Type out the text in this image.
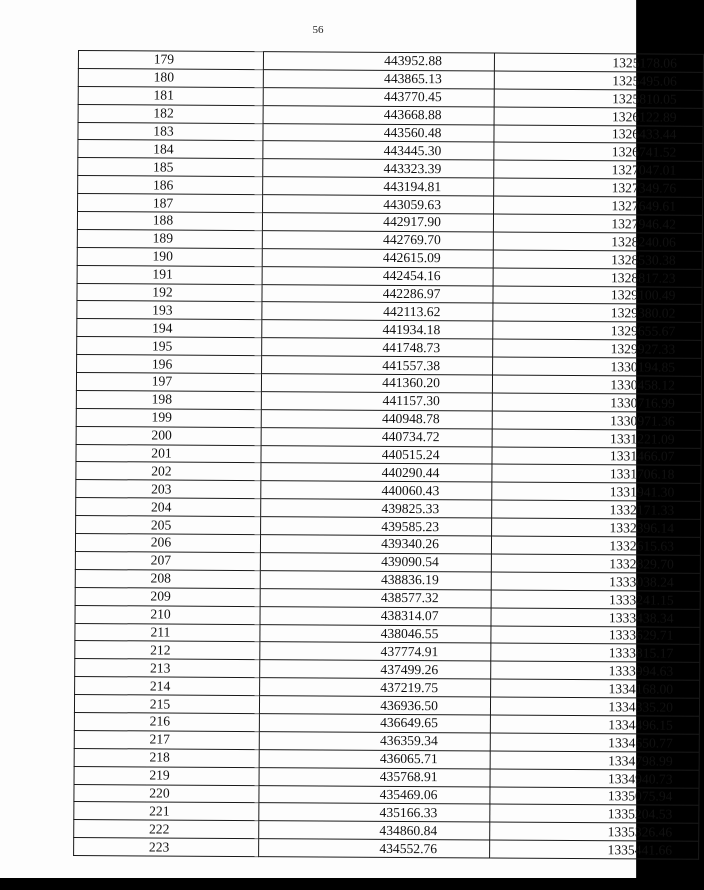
56
179	443952.88	1325178.06
180	443865.13	1325495.06
181	443770.45	1325810.05
182	443668.88	1326122.89
183	443560.48	1326433.44
184	443445.30	1326741.52
185	443323.39	1327047.01
186	443194.81	1327349.76
187	443059.63	1327649.61
188	442917.90	1327946.42
189	442769.70	1328240.06
190	442615.09	1328530.38
191	442454.16	1328817.23
192	442286.97	1329100.49
193	442113.62	1329380.02
194	441934.18	1329655.67
195	441748.73	1329927.33
196	441557.38	1330194.85
197	441360.20	1330458.12
198	441157.30	1330716.99
199	440948.78	1330971.36
200	440734.72	1331221.09
201	440515.24	1331466.07
202	440290.44	1331706.18
203	440060.43	1331941.30
204	439825.33	1332171.33
205	439585.23	1332396.14
206	439340.26	1332615.63
207	439090.54	1332829.70
208	438836.19	1333038.24
209	438577.32	1333241.15
210	438314.07	1333438.34
211	438046.55	1333629.71
212	437774.91	1333815.17
213	437499.26	1333994.63
214	437219.75	1334168.00
215	436936.50	1334335.20
216	436649.65	1334496.15
217	436359.34	1334650.77
218	436065.71	1334798.99
219	435768.91	1334940.73
220	435469.06	1335075.94
221	435166.33	1335204.53
222	434860.84	1335326.46
223	434552.76	1335441.66
